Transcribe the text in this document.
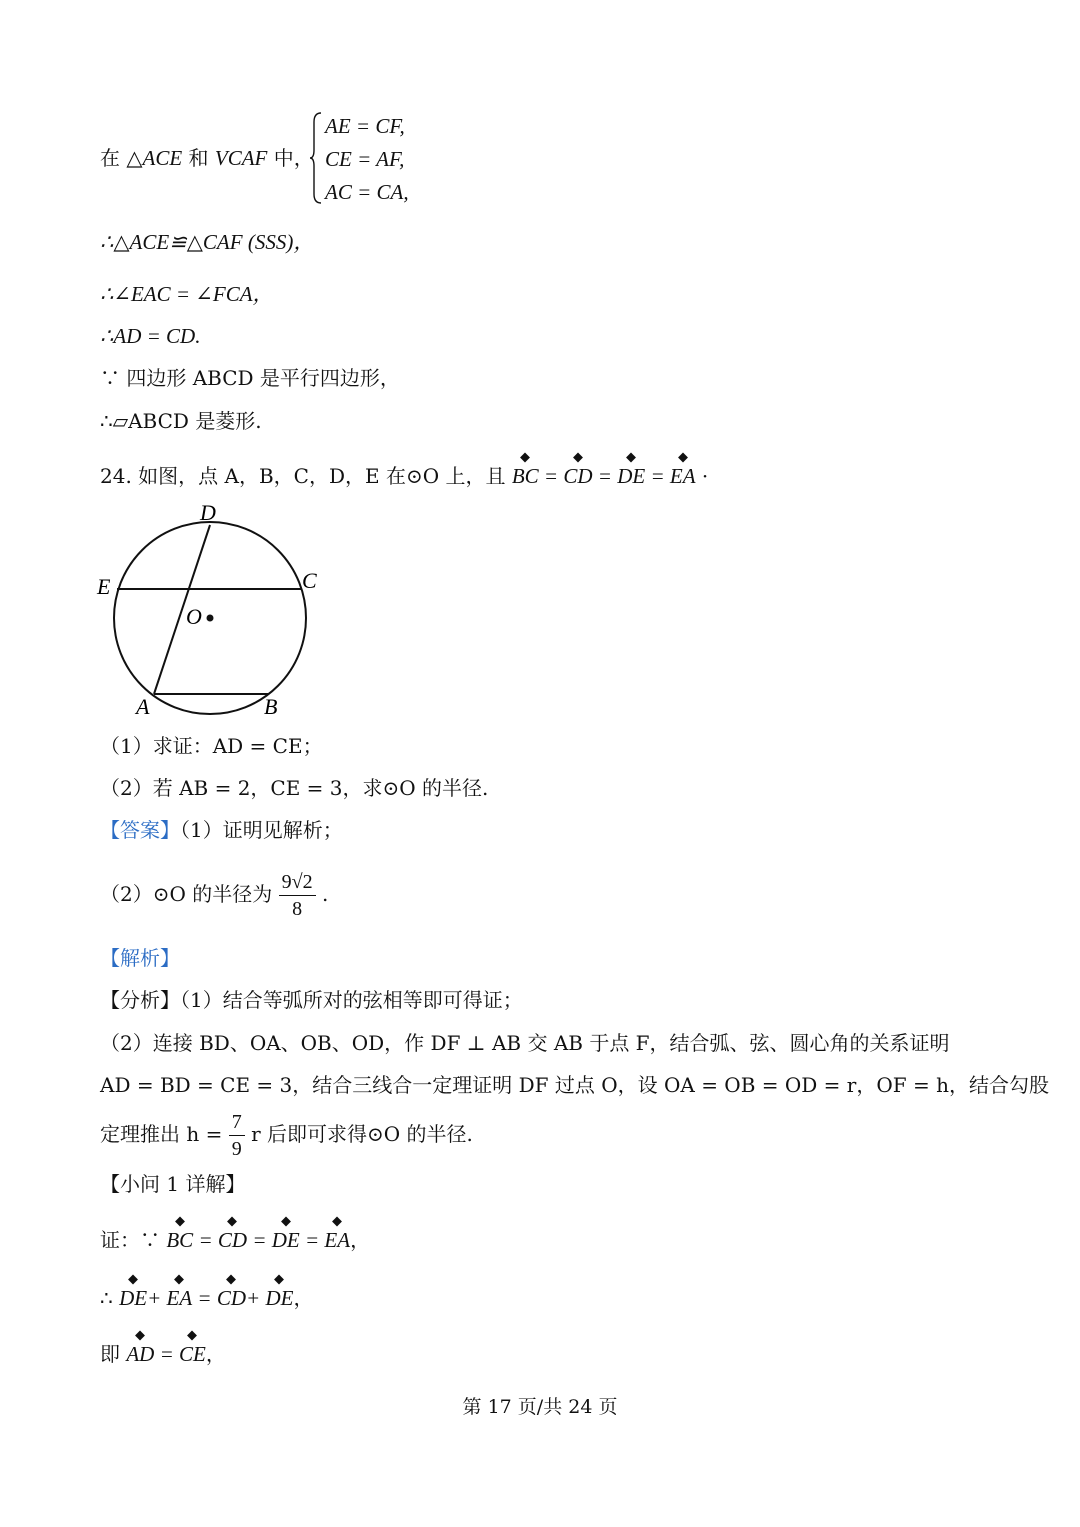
在 △ACE 和 VCAF 中，
AE = CF,
CE = AF,
AC = CA,
∴△ACE≌△CAF (SSS)，
∴∠EAC = ∠FCA，
∴AD = CD.
∵ 四边形 ABCD 是平行四边形，
∴▱ABCD 是菱形.
24. 如图，点 A，B，C，D，E 在⊙O 上，且 BC = CD = DE = EA ·
D
E	C
O
A	B
（1）求证：AD = CE；
（2）若 AB = 2，CE = 3，求⊙O 的半径.
【答案】（1）证明见解析；
（2）⊙O 的半径为 $\frac{9√2}{8}$ .
【解析】
【分析】（1）结合等弧所对的弦相等即可得证；
（2）连接 BD、OA、OB、OD，作 DF ⊥ AB 交 AB 于点 F，结合弧、弦、圆心角的关系证明
AD = BD = CE = 3，结合三线合一定理证明 DF 过点 O，设 OA = OB = OD = r，OF = h，结合勾股
定理推出 $h = \frac{7}{9}$ r 后即可求得⊙O 的半径.
【小问 1 详解】
证：∵ BC = CD = DE = EA，
∴ DE+ EA = CD+ DE，
即 AD = CE，
第 17 页/共 24 页
